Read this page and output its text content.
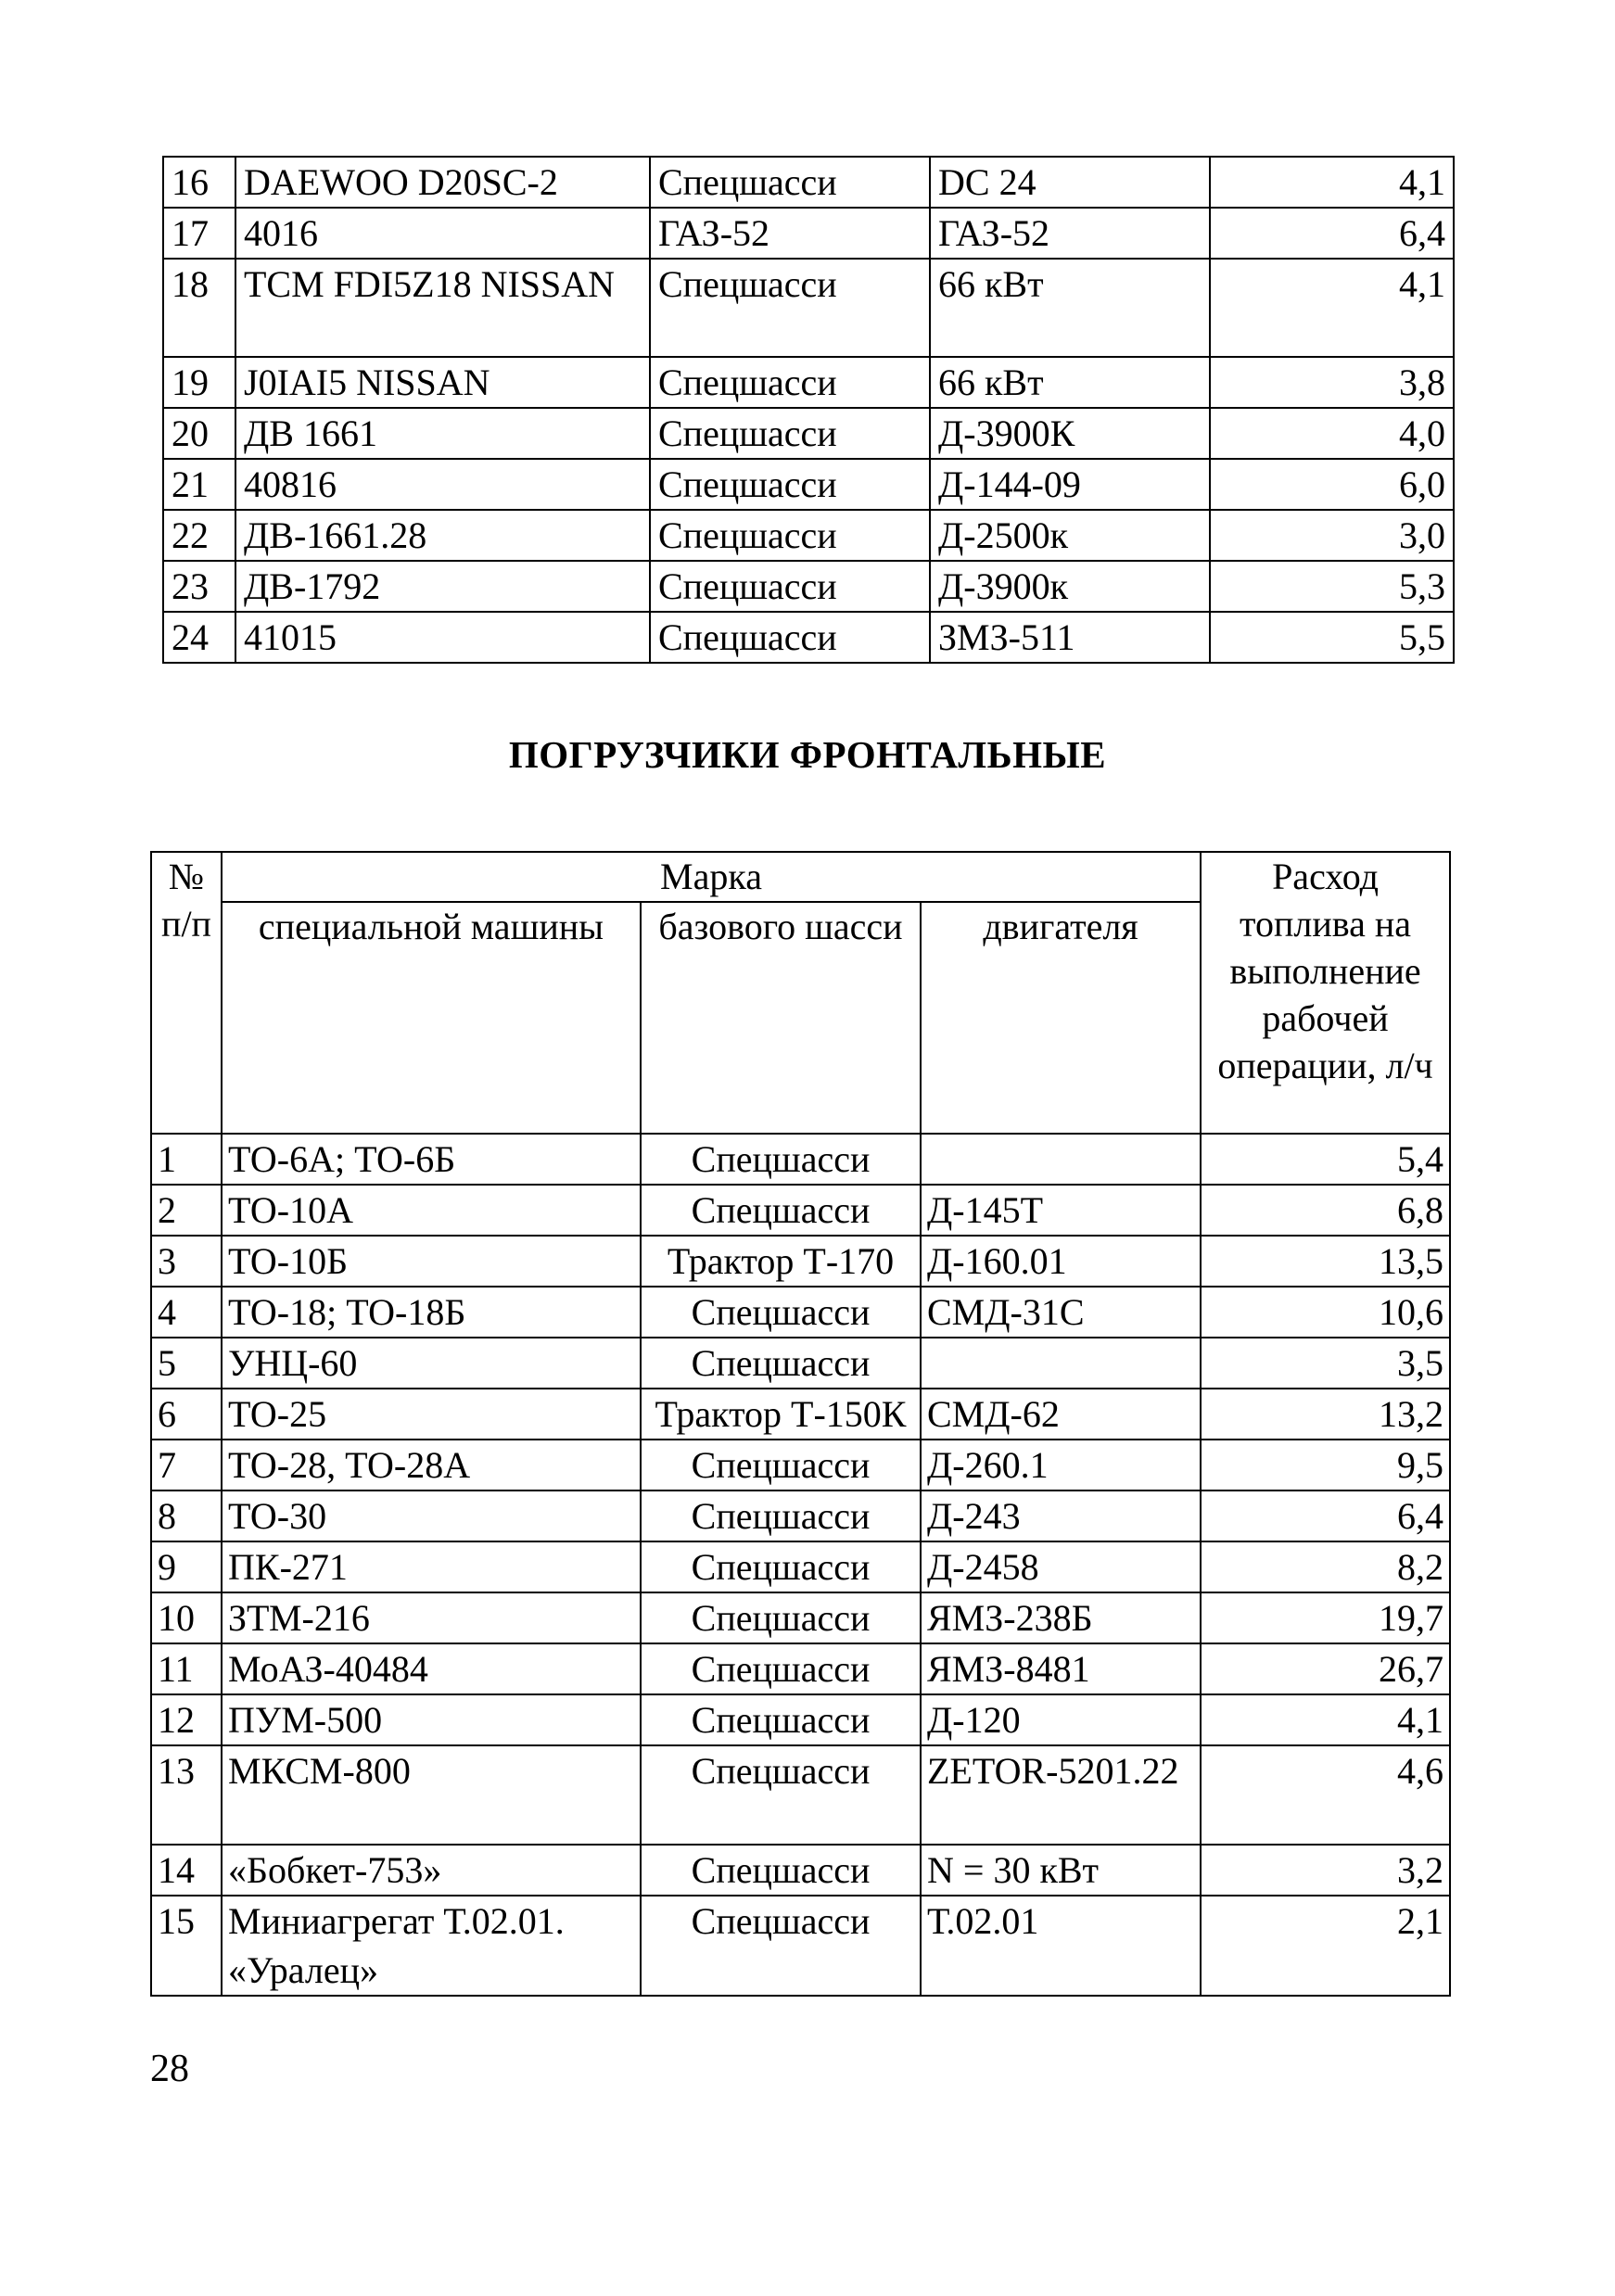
16	DAEWOO D20SC-2	Спецшасси	DC 24	4,1
17	4016	ГАЗ-52	ГАЗ-52	6,4
18	TCM FDI5Z18 NISSAN	Спецшасси	66 кВт	4,1
19	J0IAI5 NISSAN	Спецшасси	66 кВт	3,8
20	ДВ 1661	Спецшасси	Д-3900К	4,0
21	40816	Спецшасси	Д-144-09	6,0
22	ДВ-1661.28	Спецшасси	Д-2500к	3,0
23	ДВ-1792	Спецшасси	Д-3900к	5,3
24	41015	Спецшасси	ЗМЗ-511	5,5
ПОГРУЗЧИКИ ФРОНТАЛЬНЫЕ
№ п/п	Марка			Расход топлива на выполнение рабочей операции, л/ч
	специальной машины	базового шасси	двигателя	
1	ТО-6А; ТО-6Б	Спецшасси		5,4
2	ТО-10А	Спецшасси	Д-145Т	6,8
3	ТО-10Б	Трактор Т-170	Д-160.01	13,5
4	ТО-18; ТО-18Б	Спецшасси	СМД-31С	10,6
5	УНЦ-60	Спецшасси		3,5
6	ТО-25	Трактор Т-150К	СМД-62	13,2
7	ТО-28, ТО-28А	Спецшасси	Д-260.1	9,5
8	ТО-30	Спецшасси	Д-243	6,4
9	ПК-271	Спецшасси	Д-2458	8,2
10	ЗТМ-216	Спецшасси	ЯМЗ-238Б	19,7
11	МоАЗ-40484	Спецшасси	ЯМЗ-8481	26,7
12	ПУМ-500	Спецшасси	Д-120	4,1
13	МКСМ-800	Спецшасси	ZETOR-5201.22	4,6
14	«Бобкет-753»	Спецшасси	N = 30 кВт	3,2
15	Миниагрегат Т.02.01. «Уралец»	Спецшасси	Т.02.01	2,1
28
